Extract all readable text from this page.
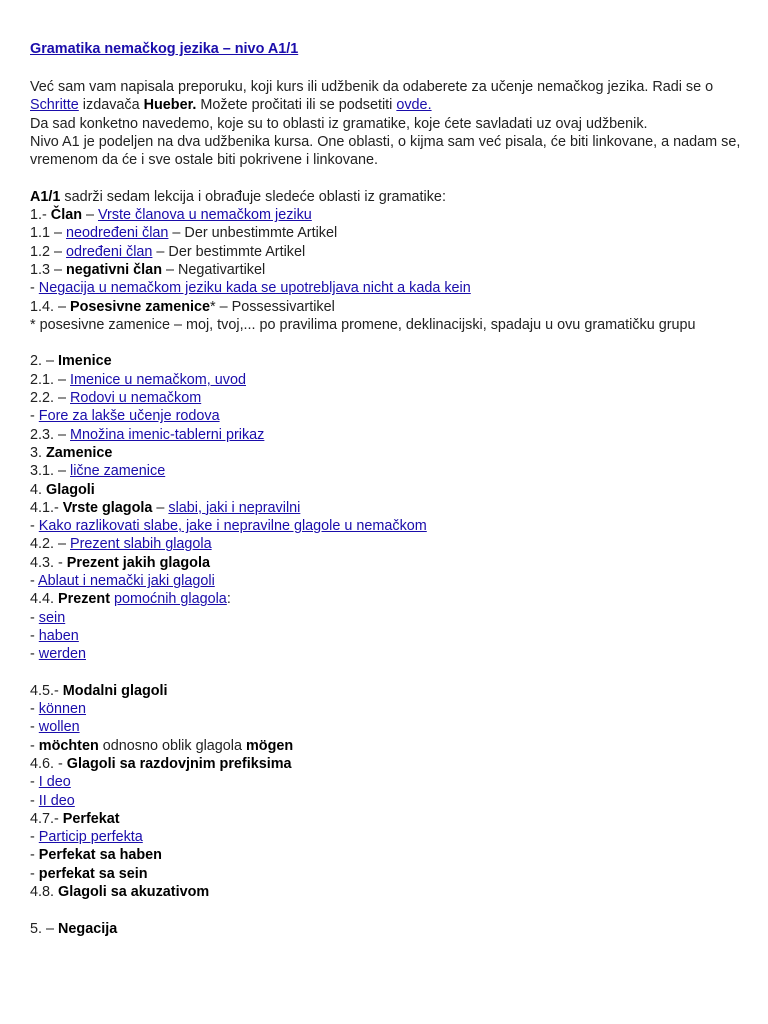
Gramatika nemačkog jezika – nivo A1/1
Već sam vam napisala preporuku, koji kurs ili udžbenik da odaberete za učenje nemačkog jezika. Radi se o Schritte izdavača Hueber. Možete pročitati ili se podsetiti ovde.
Da sad konketno navedemo, koje su to oblasti iz gramatike, koje ćete savladati uz ovaj udžbenik.
Nivo A1 je podeljen na dva udžbenika kursa. One oblasti, o kijma sam već pisala, će biti linkovane, a nadam se, vremenom da će i sve ostale biti pokrivene i linkovane.
A1/1 sadrži sedam lekcija i obrađuje sledeće oblasti iz gramatike:
1.- Član – Vrste članova u nemačkom jeziku
1.1 – neodređeni član – Der unbestimmte Artikel
1.2 – određeni član – Der bestimmte Artikel
1.3 – negativni član – Negativartikel
- Negacija u nemačkom jeziku kada se upotrebljava nicht a kada kein
1.4. – Posesivne zamenice* – Possessivartikel
* posesivne zamenice – moj, tvoj,... po pravilima promene, deklinacijski, spadaju u ovu gramatičku grupu
2. – Imenice
2.1. – Imenice u nemačkom, uvod
2.2. – Rodovi u nemačkom
- Fore za lakše učenje rodova
2.3. – Množina imenic-tablerni prikaz
3. Zamenice
3.1. – lične zamenice
4. Glagoli
4.1.- Vrste glagola – slabi, jaki i nepravilni
- Kako razlikovati slabe, jake i nepravilne glagole u nemačkom
4.2. – Prezent slabih glagola
4.3. - Prezent jakih glagola
- Ablaut i nemački jaki glagoli
4.4. Prezent pomoćnih glagola:
- sein
- haben
- werden
4.5.- Modalni glagoli
- können
- wollen
- möchten odnosno oblik glagola mögen
4.6. - Glagoli sa razdovjnim prefiksima
- I deo
- II deo
4.7.- Perfekat
- Particip perfekta
- Perfekat sa haben
- perfekat sa sein
4.8. Glagoli sa akuzativom
5. – Negacija
